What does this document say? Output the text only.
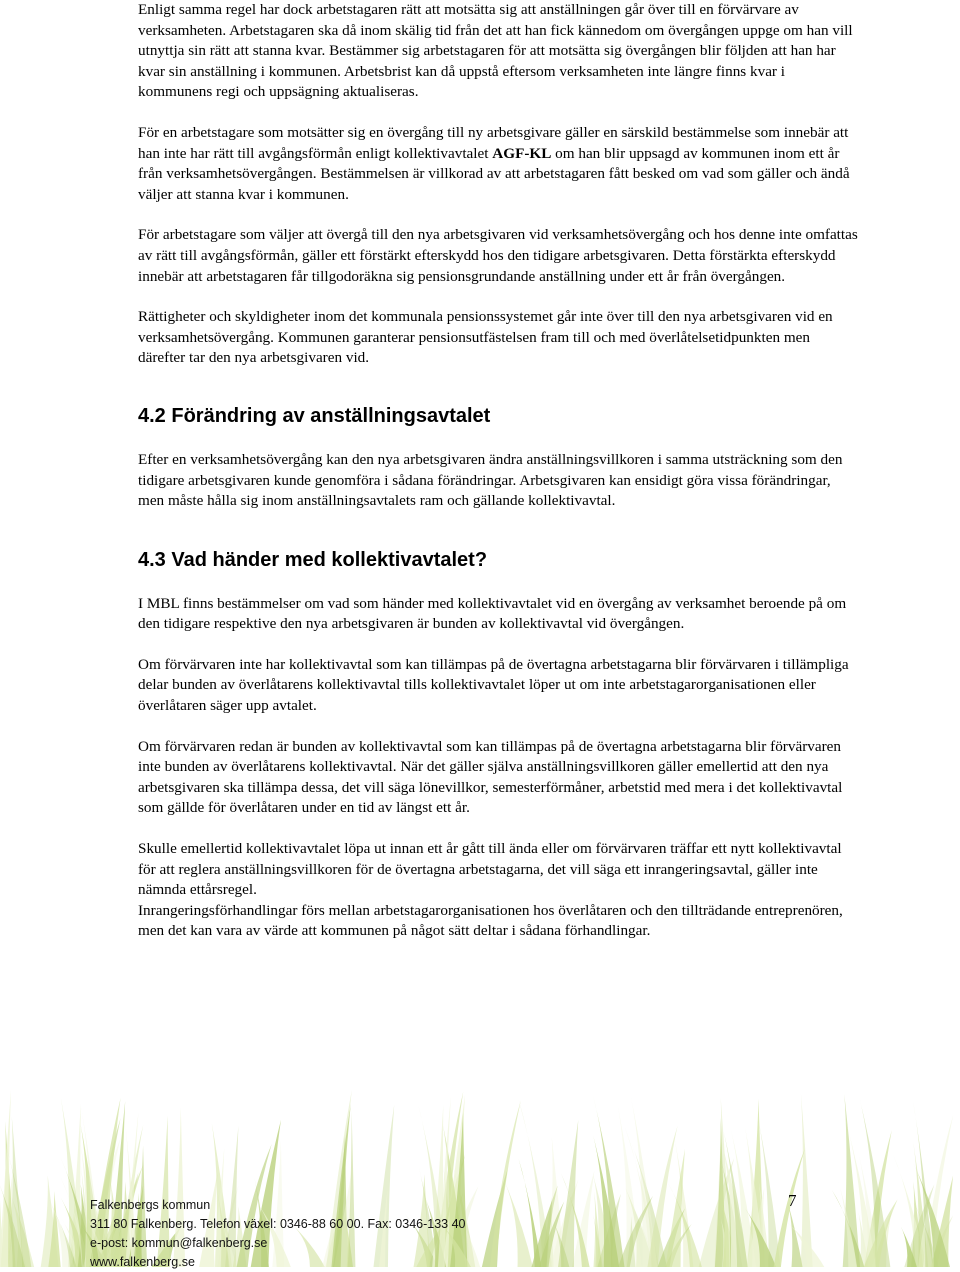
Enligt samma regel har dock arbetstagaren rätt att motsätta sig att anställningen går över till en förvärvare av verksamheten. Arbetstagaren ska då inom skälig tid från det att han fick kännedom om övergången uppge om han vill utnyttja sin rätt att stanna kvar. Bestämmer sig arbetstagaren för att motsätta sig övergången blir följden att han har kvar sin anställning i kommunen. Arbetsbrist kan då uppstå eftersom verksamheten inte längre finns kvar i kommunens regi och uppsägning aktualiseras.

För en arbetstagare som motsätter sig en övergång till ny arbetsgivare gäller en särskild bestämmelse som innebär att han inte har rätt till avgångsförmån enligt kollektivavtalet AGF-KL om han blir uppsagd av kommunen inom ett år från verksamhetsövergången. Bestämmelsen är villkorad av att arbetstagaren fått besked om vad som gäller och ändå väljer att stanna kvar i kommunen.

För arbetstagare som väljer att övergå till den nya arbetsgivaren vid verksamhetsövergång och hos denne inte omfattas av rätt till avgångsförmån, gäller ett förstärkt efterskydd hos den tidigare arbetsgivaren. Detta förstärkta efterskydd innebär att arbetstagaren får tillgodoräkna sig pensionsgrundande anställning under ett år från övergången.

Rättigheter och skyldigheter inom det kommunala pensionssystemet går inte över till den nya arbetsgivaren vid en verksamhetsövergång. Kommunen garanterar pensionsutfästelsen fram till och med överlåtelsetidpunkten men därefter tar den nya arbetsgivaren vid.

4.2 Förändring av anställningsavtalet

Efter en verksamhetsövergång kan den nya arbetsgivaren ändra anställningsvillkoren i samma utsträckning som den tidigare arbetsgivaren kunde genomföra i sådana förändringar. Arbetsgivaren kan ensidigt göra vissa förändringar, men måste hålla sig inom anställningsavtalets ram och gällande kollektivavtal.

4.3 Vad händer med kollektivavtalet?

I MBL finns bestämmelser om vad som händer med kollektivavtalet vid en övergång av verksamhet beroende på om den tidigare respektive den nya arbetsgivaren är bunden av kollektivavtal vid övergången.

Om förvärvaren inte har kollektivavtal som kan tillämpas på de övertagna arbetstagarna blir förvärvaren i tillämpliga delar bunden av överlåtarens kollektivavtal tills kollektivavtalet löper ut om inte arbetstagarorganisationen eller överlåtaren säger upp avtalet.

Om förvärvaren redan är bunden av kollektivavtal som kan tillämpas på de övertagna arbetstagarna blir förvärvaren inte bunden av överlåtarens kollektivavtal. När det gäller själva anställningsvillkoren gäller emellertid att den nya arbetsgivaren ska tillämpa dessa, det vill säga lönevillkor, semesterförmåner, arbetstid med mera i det kollektivavtal som gällde för överlåtaren under en tid av längst ett år.

Skulle emellertid kollektivavtalet löpa ut innan ett år gått till ända eller om förvärvaren träffar ett nytt kollektivavtal för att reglera anställningsvillkoren för de övertagna arbetstagarna, det vill säga ett inrangeringsavtal, gäller inte nämnda ettårsregel.

Inrangeringsförhandlingar förs mellan arbetstagarorganisationen hos överlåtaren och den tillträdande entreprenören, men det kan vara av värde att kommunen på något sätt deltar i sådana förhandlingar.

Falkenbergs kommun
311 80 Falkenberg. Telefon växel: 0346-88 60 00. Fax: 0346-133 40
e-post: kommun@falkenberg.se
www.falkenberg.se
7
